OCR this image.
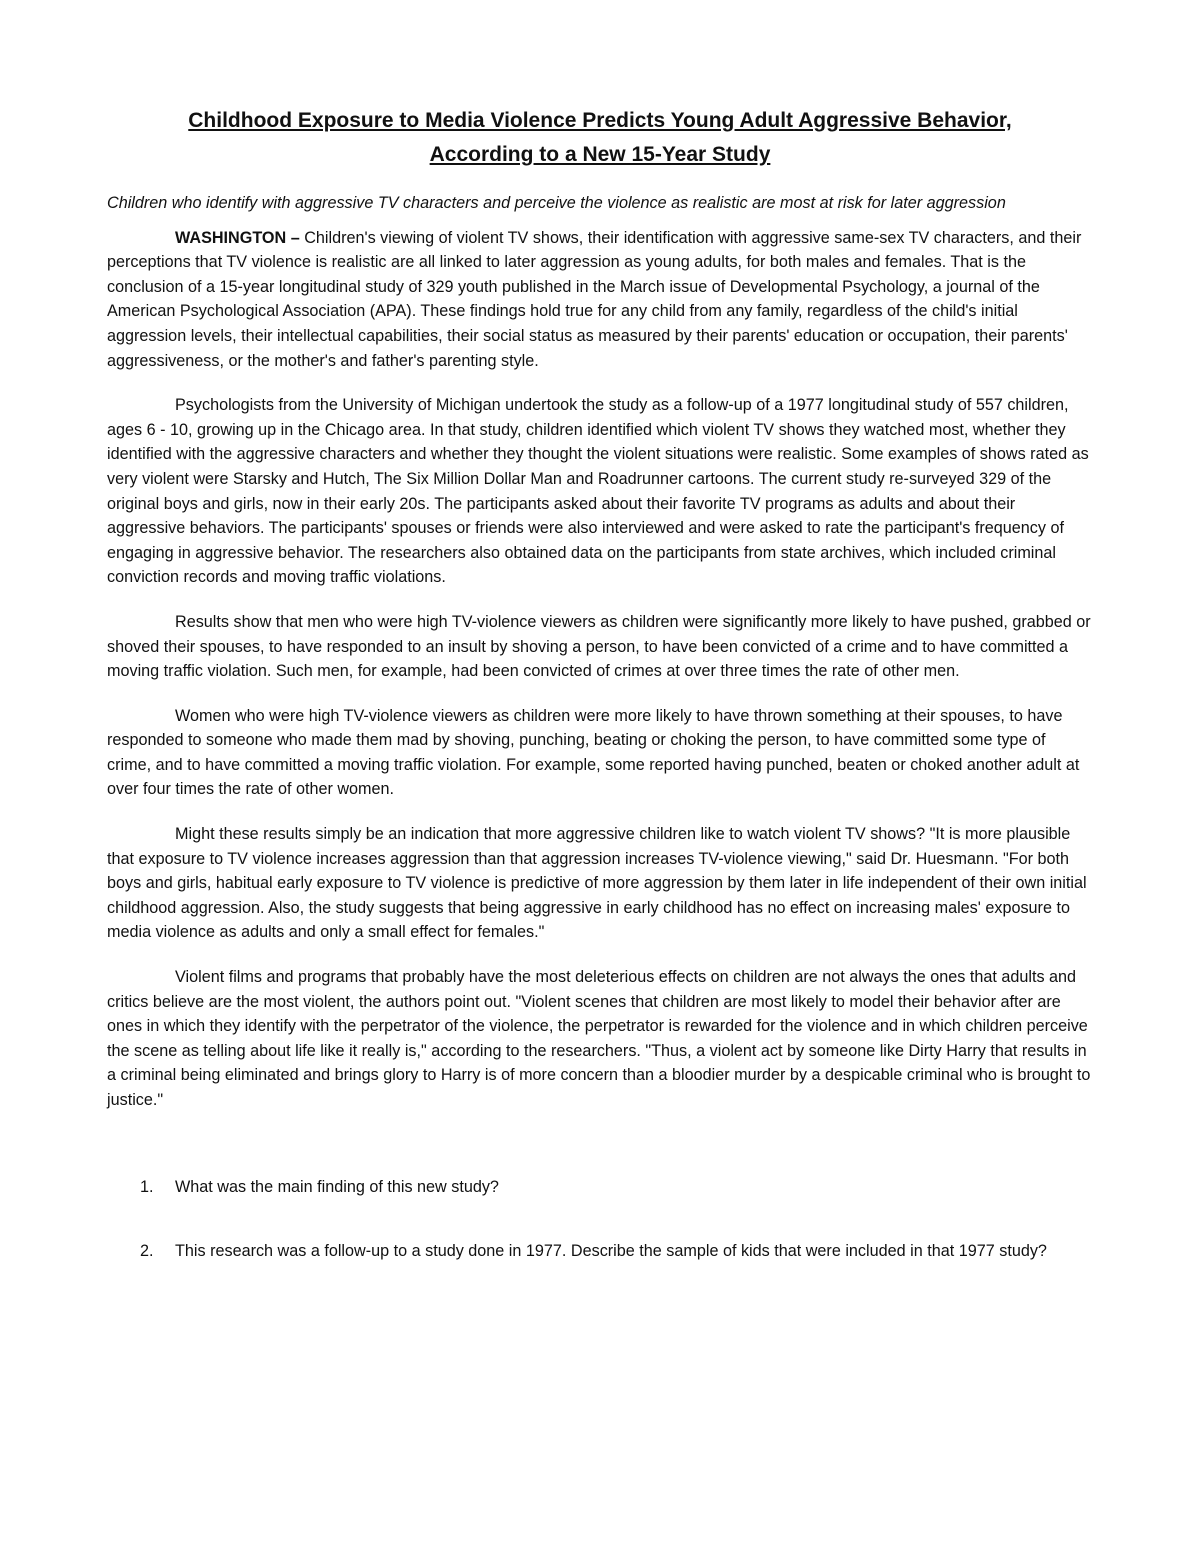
Childhood Exposure to Media Violence Predicts Young Adult Aggressive Behavior,
According to a New 15-Year Study

Children who identify with aggressive TV characters and perceive the violence as realistic are most at risk for later aggression

WASHINGTON – Children's viewing of violent TV shows, their identification with aggressive same-sex TV characters, and their perceptions that TV violence is realistic are all linked to later aggression as young adults, for both males and females. That is the conclusion of a 15-year longitudinal study of 329 youth published in the March issue of Developmental Psychology, a journal of the American Psychological Association (APA). These findings hold true for any child from any family, regardless of the child's initial aggression levels, their intellectual capabilities, their social status as measured by their parents' education or occupation, their parents' aggressiveness, or the mother's and father's parenting style.

Psychologists from the University of Michigan undertook the study as a follow-up of a 1977 longitudinal study of 557 children, ages 6 - 10, growing up in the Chicago area. In that study, children identified which violent TV shows they watched most, whether they identified with the aggressive characters and whether they thought the violent situations were realistic. Some examples of shows rated as very violent were Starsky and Hutch, The Six Million Dollar Man and Roadrunner cartoons. The current study re-surveyed 329 of the original boys and girls, now in their early 20s. The participants asked about their favorite TV programs as adults and about their aggressive behaviors. The participants' spouses or friends were also interviewed and were asked to rate the participant's frequency of engaging in aggressive behavior. The researchers also obtained data on the participants from state archives, which included criminal conviction records and moving traffic violations.

Results show that men who were high TV-violence viewers as children were significantly more likely to have pushed, grabbed or shoved their spouses, to have responded to an insult by shoving a person, to have been convicted of a crime and to have committed a moving traffic violation. Such men, for example, had been convicted of crimes at over three times the rate of other men.

Women who were high TV-violence viewers as children were more likely to have thrown something at their spouses, to have responded to someone who made them mad by shoving, punching, beating or choking the person, to have committed some type of crime, and to have committed a moving traffic violation. For example, some reported having punched, beaten or choked another adult at over four times the rate of other women.

Might these results simply be an indication that more aggressive children like to watch violent TV shows? "It is more plausible that exposure to TV violence increases aggression than that aggression increases TV-violence viewing," said Dr. Huesmann. "For both boys and girls, habitual early exposure to TV violence is predictive of more aggression by them later in life independent of their own initial childhood aggression. Also, the study suggests that being aggressive in early childhood has no effect on increasing males' exposure to media violence as adults and only a small effect for females."

Violent films and programs that probably have the most deleterious effects on children are not always the ones that adults and critics believe are the most violent, the authors point out. "Violent scenes that children are most likely to model their behavior after are ones in which they identify with the perpetrator of the violence, the perpetrator is rewarded for the violence and in which children perceive the scene as telling about life like it really is," according to the researchers. "Thus, a violent act by someone like Dirty Harry that results in a criminal being eliminated and brings glory to Harry is of more concern than a bloodier murder by a despicable criminal who is brought to justice."

1. What was the main finding of this new study?
2. This research was a follow-up to a study done in 1977. Describe the sample of kids that were included in that 1977 study?
